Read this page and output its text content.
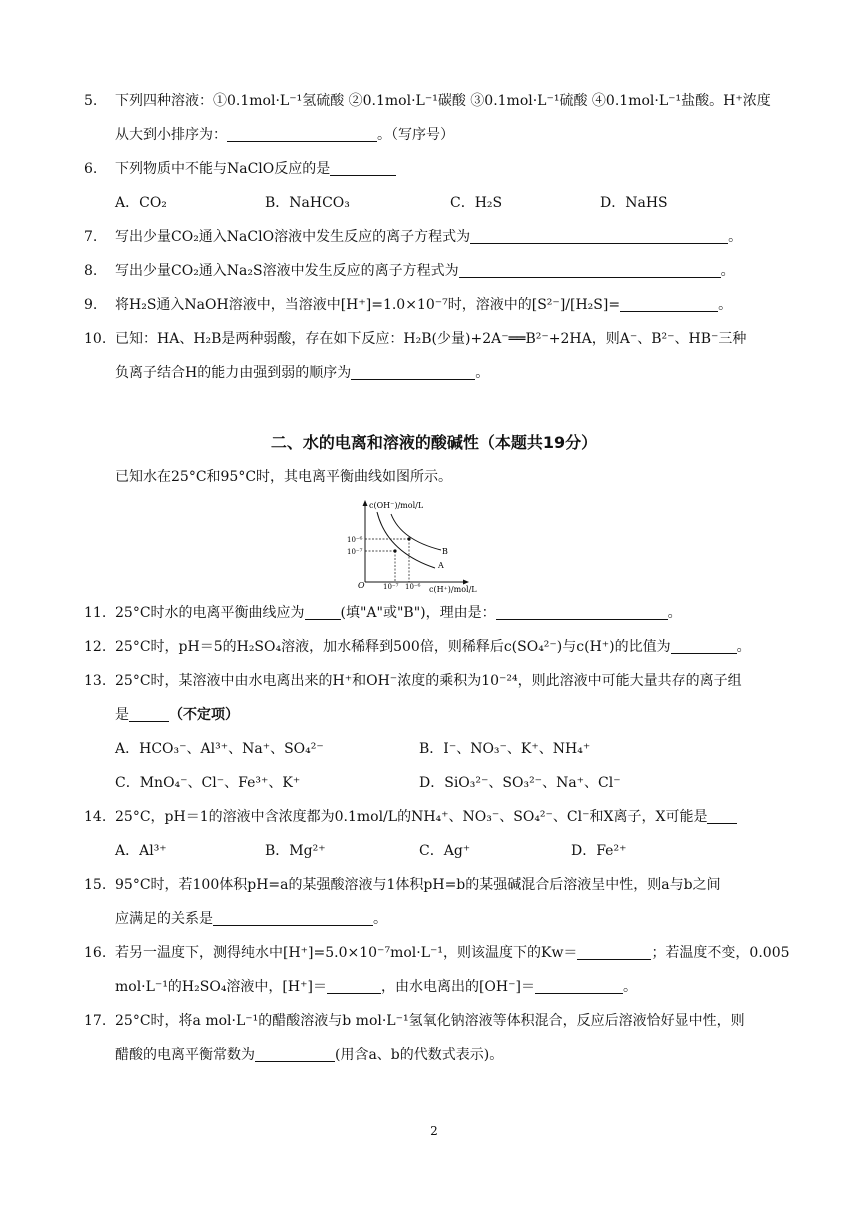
5.	下列四种溶液：①0.1mol·L⁻¹氢硫酸 ②0.1mol·L⁻¹碳酸 ③0.1mol·L⁻¹硫酸 ④0.1mol·L⁻¹盐酸。H⁺浓度
从大到小排序为：	。（写序号）
6.	下列物质中不能与NaClO反应的是
A．CO₂	B．NaHCO₃	C．H₂S	D．NaHS
7.	写出少量CO₂通入NaClO溶液中发生反应的离子方程式为	。
8.	写出少量CO₂通入Na₂S溶液中发生反应的离子方程式为	。
9.	将H₂S通入NaOH溶液中，当溶液中[H⁺]=1.0×10⁻⁷时，溶液中的[S²⁻]/[H₂S]=	。
10. 已知：HA、H₂B是两种弱酸，存在如下反应：H₂B(少量)+2A⁻══B²⁻+2HA，则A⁻、B²⁻、HB⁻三种
负离子结合H的能力由强到弱的顺序为	。
二、水的电离和溶液的酸碱性（本题共19分）
已知水在25°C和95°C时，其电离平衡曲线如图所示。
c(OH⁻)/mol/L
c(H⁺)/mol/L
O
10⁻⁶
10⁻⁷
10⁻⁷ 10⁻⁶
A
B
11. 25°C时水的电离平衡曲线应为	(填"A"或"B")，理由是：	。
12. 25°C时，pH＝5的H₂SO₄溶液，加水稀释到500倍，则稀释后c(SO₄²⁻)与c(H⁺)的比值为	。
13. 25°C时，某溶液中由水电离出来的H⁺和OH⁻浓度的乘积为10⁻²⁴，则此溶液中可能大量共存的离子组
是	（不定项）
A．HCO₃⁻、Al³⁺、Na⁺、SO₄²⁻	B．I⁻、NO₃⁻、K⁺、NH₄⁺
C．MnO₄⁻、Cl⁻、Fe³⁺、K⁺	D．SiO₃²⁻、SO₃²⁻、Na⁺、Cl⁻
14. 25°C，pH＝1的溶液中含浓度都为0.1mol/L的NH₄⁺、NO₃⁻、SO₄²⁻、Cl⁻和X离子，X可能是
A．Al³⁺	B．Mg²⁺	C．Ag⁺	D．Fe²⁺
15. 95°C时，若100体积pH=a的某强酸溶液与1体积pH=b的某强碱混合后溶液呈中性，则a与b之间
应满足的关系是	。
16. 若另一温度下，测得纯水中[H⁺]=5.0×10⁻⁷mol·L⁻¹，则该温度下的Kw＝	；若温度不变，0.005
mol·L⁻¹的H₂SO₄溶液中，[H⁺]＝	，由水电离出的[OH⁻]＝	。
17. 25°C时，将a mol·L⁻¹的醋酸溶液与b mol·L⁻¹氢氧化钠溶液等体积混合，反应后溶液恰好显中性，则
醋酸的电离平衡常数为	(用含a、b的代数式表示)。
2
